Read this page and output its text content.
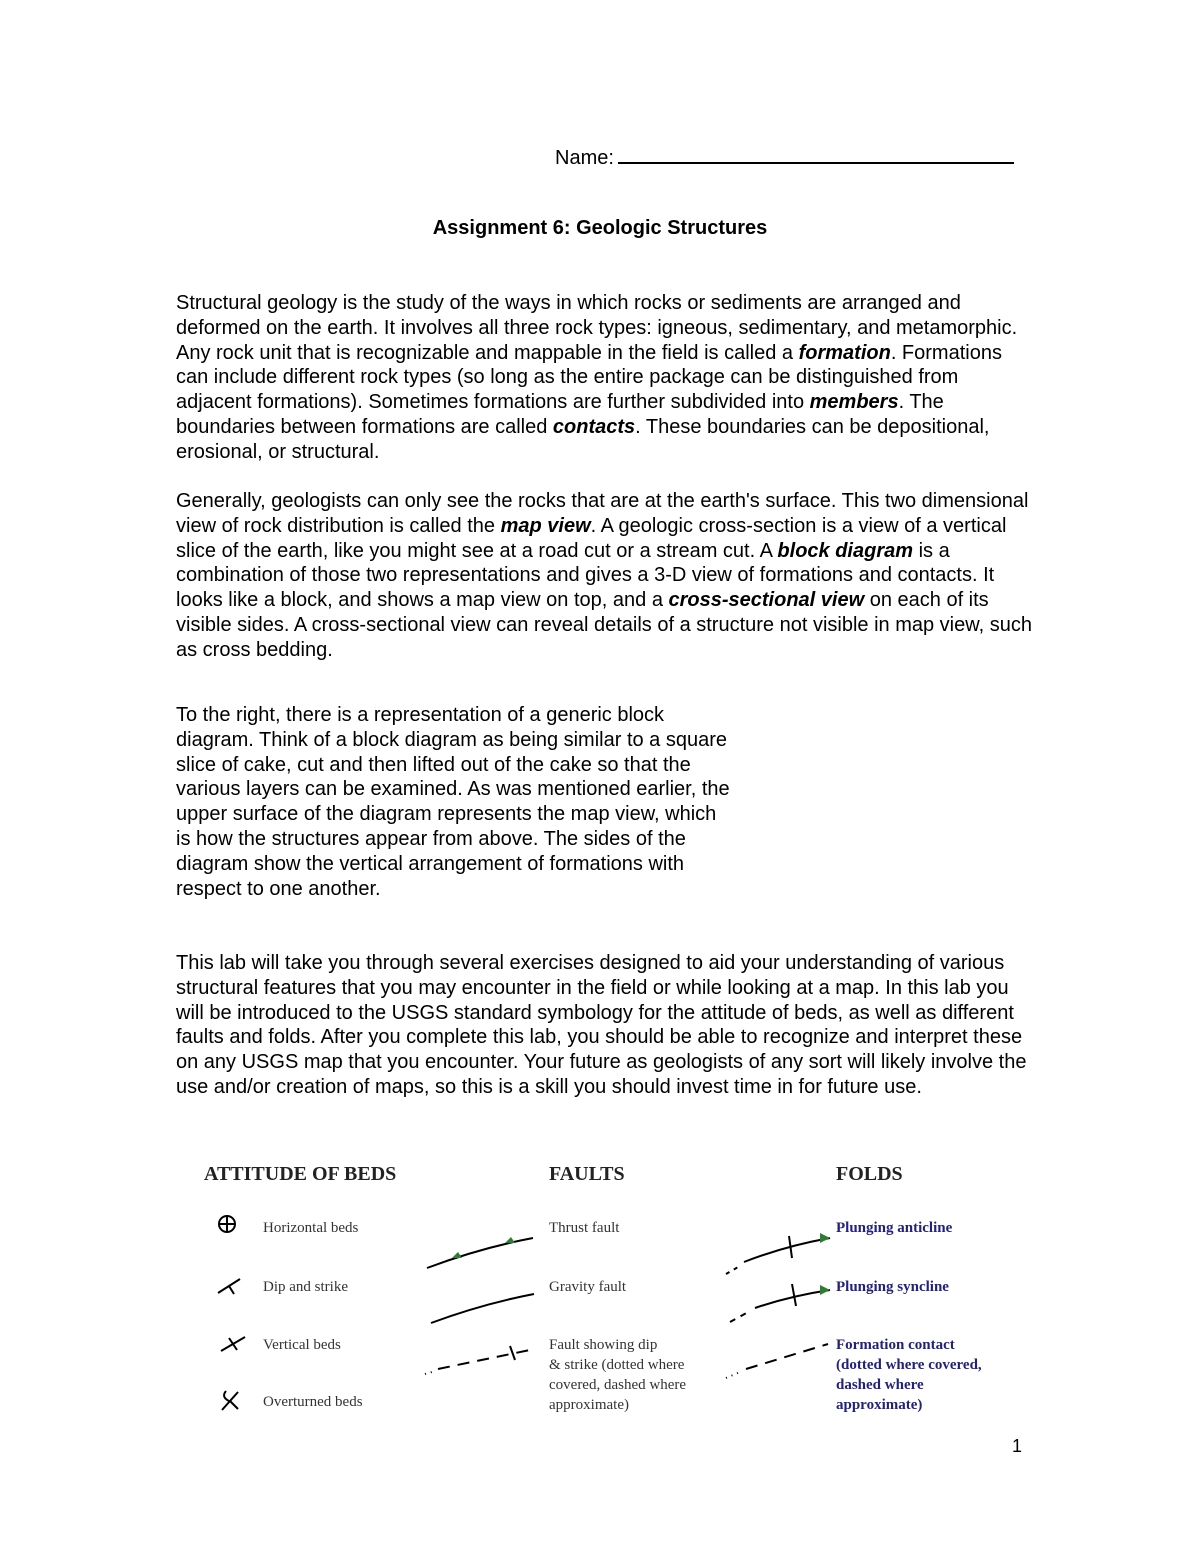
Name:
Assignment 6: Geologic Structures

Structural geology is the study of the ways in which rocks or sediments are arranged and deformed on the earth. It involves all three rock types: igneous, sedimentary, and metamorphic. Any rock unit that is recognizable and mappable in the field is called a formation. Formations can include different rock types (so long as the entire package can be distinguished from adjacent formations). Sometimes formations are further subdivided into members. The boundaries between formations are called contacts. These boundaries can be depositional, erosional, or structural.

Generally, geologists can only see the rocks that are at the earth's surface. This two dimensional view of rock distribution is called the map view. A geologic cross-section is a view of a vertical slice of the earth, like you might see at a road cut or a stream cut. A block diagram is a combination of those two representations and gives a 3-D view of formations and contacts. It looks like a block, and shows a map view on top, and a cross-sectional view on each of its visible sides. A cross-sectional view can reveal details of a structure not visible in map view, such as cross bedding.

To the right, there is a representation of a generic block diagram. Think of a block diagram as being similar to a square slice of cake, cut and then lifted out of the cake so that the various layers can be examined. As was mentioned earlier, the upper surface of the diagram represents the map view, which is how the structures appear from above. The sides of the diagram show the vertical arrangement of formations with respect to one another.

This lab will take you through several exercises designed to aid your understanding of various structural features that you may encounter in the field or while looking at a map. In this lab you will be introduced to the USGS standard symbology for the attitude of beds, as well as different faults and folds. After you complete this lab, you should be able to recognize and interpret these on any USGS map that you encounter. Your future as geologists of any sort will likely involve the use and/or creation of maps, so this is a skill you should invest time in for future use.

ATTITUDE OF BEDS	FAULTS	FOLDS
Horizontal beds
Dip and strike
Vertical beds
Overturned beds
Thrust fault
Gravity fault
Fault showing dip
& strike (dotted where
covered, dashed where
approximate)
Plunging anticline
Plunging syncline
Formation contact
(dotted where covered,
dashed where
approximate)
1
